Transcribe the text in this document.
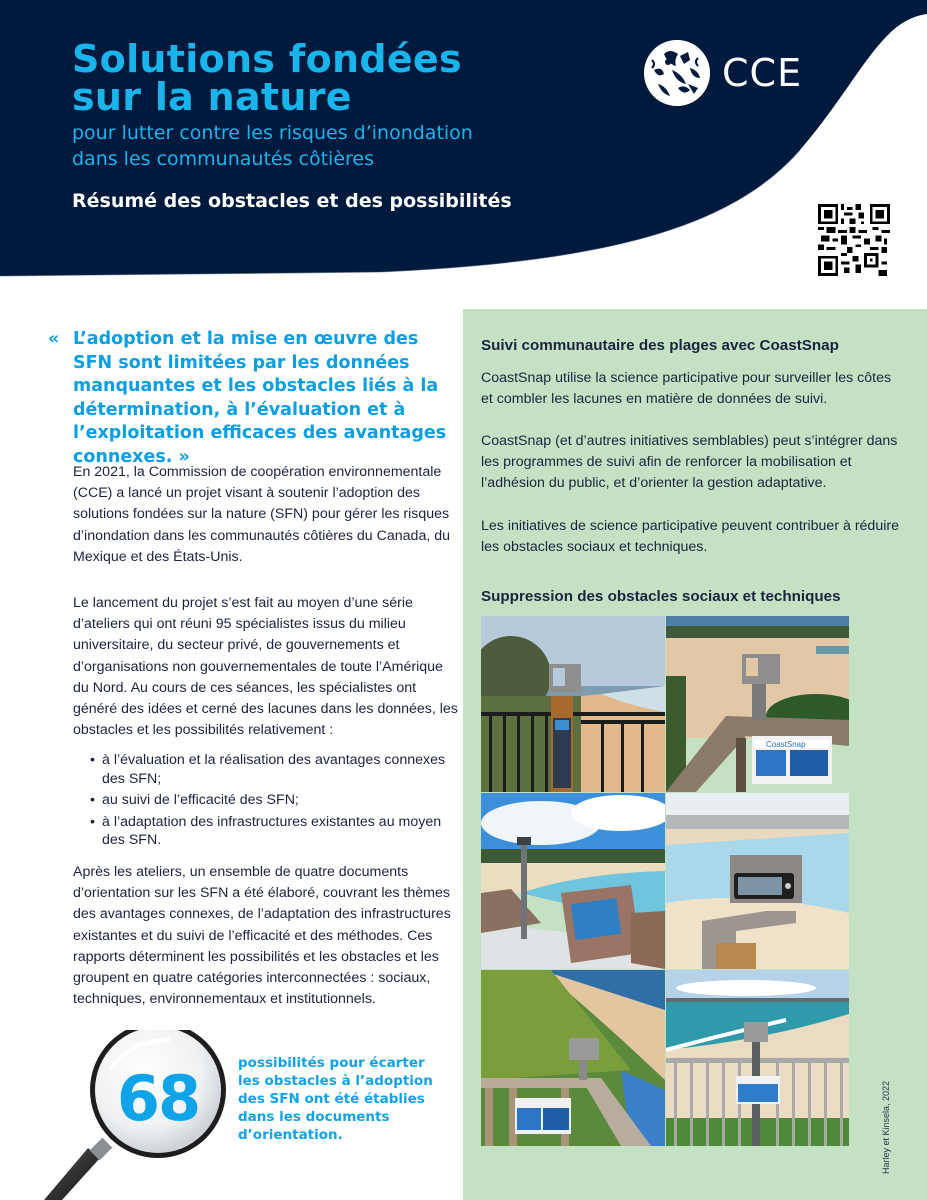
Solutions fondées
sur la nature
pour lutter contre les risques d’inondation
dans les communautés côtières
Résumé des obstacles et des possibilités
CCE
« L’adoption et la mise en œuvre des SFN sont limitées par les données manquantes et les obstacles liés à la détermination, à l’évaluation et à l’exploitation efficaces des avantages connexes. »

En 2021, la Commission de coopération environnementale (CCE) a lancé un projet visant à soutenir l’adoption des solutions fondées sur la nature (SFN) pour gérer les risques d’inondation dans les communautés côtières du Canada, du Mexique et des États-Unis.

Le lancement du projet s’est fait au moyen d’une série d’ateliers qui ont réuni 95 spécialistes issus du milieu universitaire, du secteur privé, de gouvernements et d’organisations non gouvernementales de toute l’Amérique du Nord. Au cours de ces séances, les spécialistes ont généré des idées et cerné des lacunes dans les données, les obstacles et les possibilités relativement :

• à l’évaluation et la réalisation des avantages connexes des SFN;
• au suivi de l’efficacité des SFN;
• à l’adaptation des infrastructures existantes au moyen des SFN.

Après les ateliers, un ensemble de quatre documents d’orientation sur les SFN a été élaboré, couvrant les thèmes des avantages connexes, de l’adaptation des infrastructures existantes et du suivi de l’efficacité et des méthodes. Ces rapports déterminent les possibilités et les obstacles et les groupent en quatre catégories interconnectées : sociaux, techniques, environnementaux et institutionnels.

68	possibilités pour écarter les obstacles à l’adoption des SFN ont été établies dans les documents d’orientation.
Suivi communautaire des plages avec CoastSnap

CoastSnap utilise la science participative pour surveiller les côtes et combler les lacunes en matière de données de suivi.

CoastSnap (et d’autres initiatives semblables) peut s’intégrer dans les programmes de suivi afin de renforcer la mobilisation et l’adhésion du public, et d’orienter la gestion adaptative.

Les initiatives de science participative peuvent contribuer à réduire les obstacles sociaux et techniques.

Suppression des obstacles sociaux et techniques
CoastSnap
Harley et Kinsela, 2022
